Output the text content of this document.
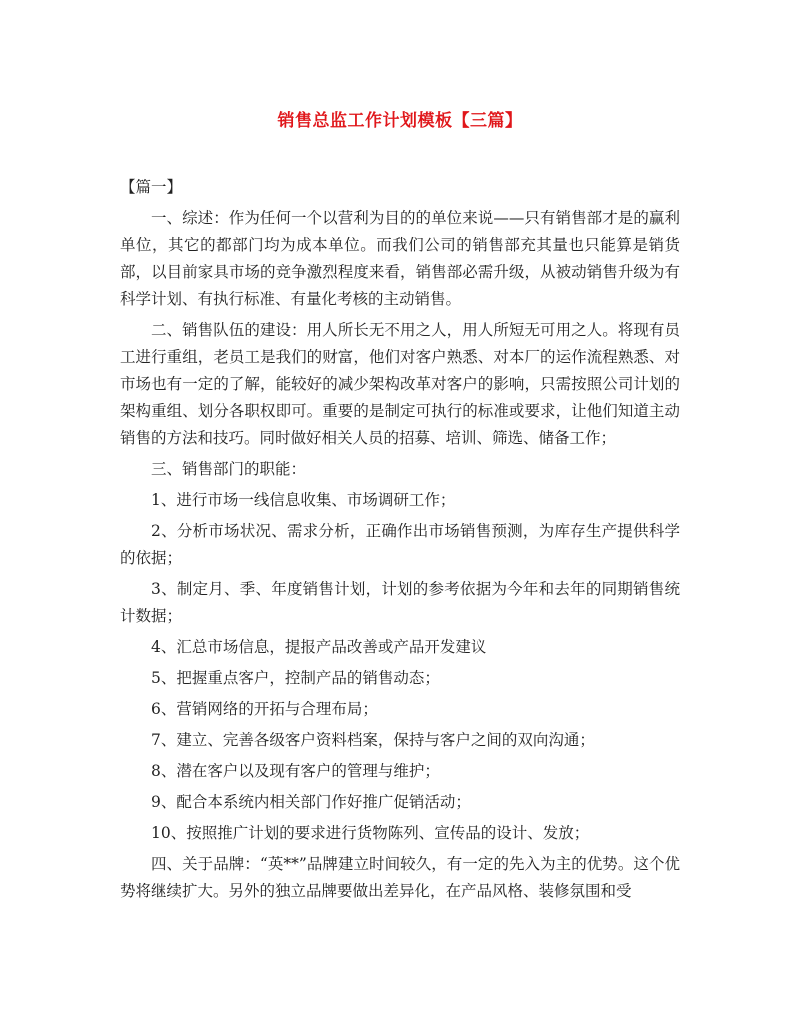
销售总监工作计划模板【三篇】

【篇一】

一、综述：作为任何一个以营利为目的的单位来说——只有销售部才是的赢利单位，其它的都部门均为成本单位。而我们公司的销售部充其量也只能算是销货部，以目前家具市场的竞争激烈程度来看，销售部必需升级，从被动销售升级为有科学计划、有执行标准、有量化考核的主动销售。

二、销售队伍的建设：用人所长无不用之人，用人所短无可用之人。将现有员工进行重组，老员工是我们的财富，他们对客户熟悉、对本厂的运作流程熟悉、对市场也有一定的了解，能较好的减少架构改革对客户的影响，只需按照公司计划的架构重组、划分各职权即可。重要的是制定可执行的标准或要求，让他们知道主动销售的方法和技巧。同时做好相关人员的招募、培训、筛选、储备工作；

三、销售部门的职能：

1、进行市场一线信息收集、市场调研工作；

2、分析市场状况、需求分析，正确作出市场销售预测，为库存生产提供科学的依据；

3、制定月、季、年度销售计划，计划的参考依据为今年和去年的同期销售统计数据；

4、汇总市场信息，提报产品改善或产品开发建议

5、把握重点客户，控制产品的销售动态；

6、营销网络的开拓与合理布局；

7、建立、完善各级客户资料档案，保持与客户之间的双向沟通；

8、潜在客户以及现有客户的管理与维护；

9、配合本系统内相关部门作好推广促销活动；

10、按照推广计划的要求进行货物陈列、宣传品的设计、发放；

四、关于品牌：“英**”品牌建立时间较久，有一定的先入为主的优势。这个优势将继续扩大。另外的独立品牌要做出差异化，在产品风格、装修氛围和受
